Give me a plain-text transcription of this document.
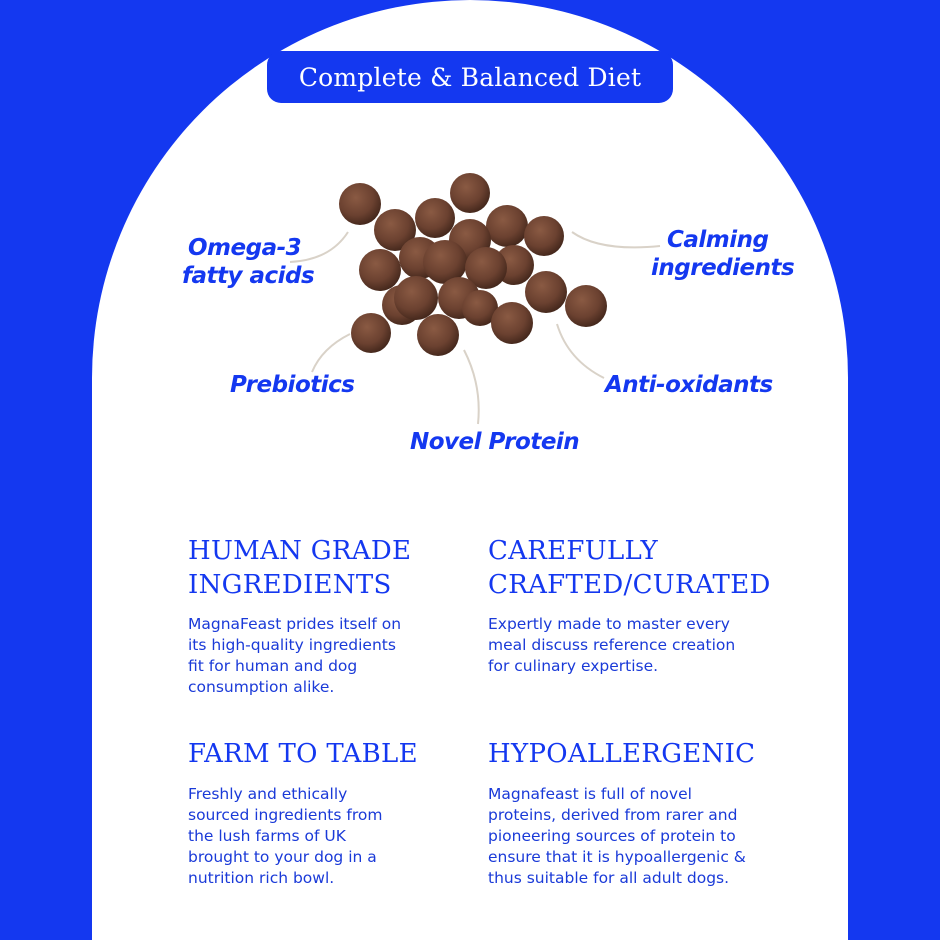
Complete & Balanced Diet
Omega-3
fatty acids
Calming
ingredients
Prebiotics	Anti-oxidants
Novel Protein
HUMAN GRADE
INGREDIENTS
MagnaFeast prides itself on
its high-quality ingredients
fit for human and dog
consumption alike.
CAREFULLY
CRAFTED/CURATED
Expertly made to master every
meal discuss reference creation
for culinary expertise.
FARM TO TABLE
Freshly and ethically
sourced ingredients from
the lush farms of UK
brought to your dog in a
nutrition rich bowl.
HYPOALLERGENIC
Magnafeast is full of novel
proteins, derived from rarer and
pioneering sources of protein to
ensure that it is hypoallergenic &
thus suitable for all adult dogs.
